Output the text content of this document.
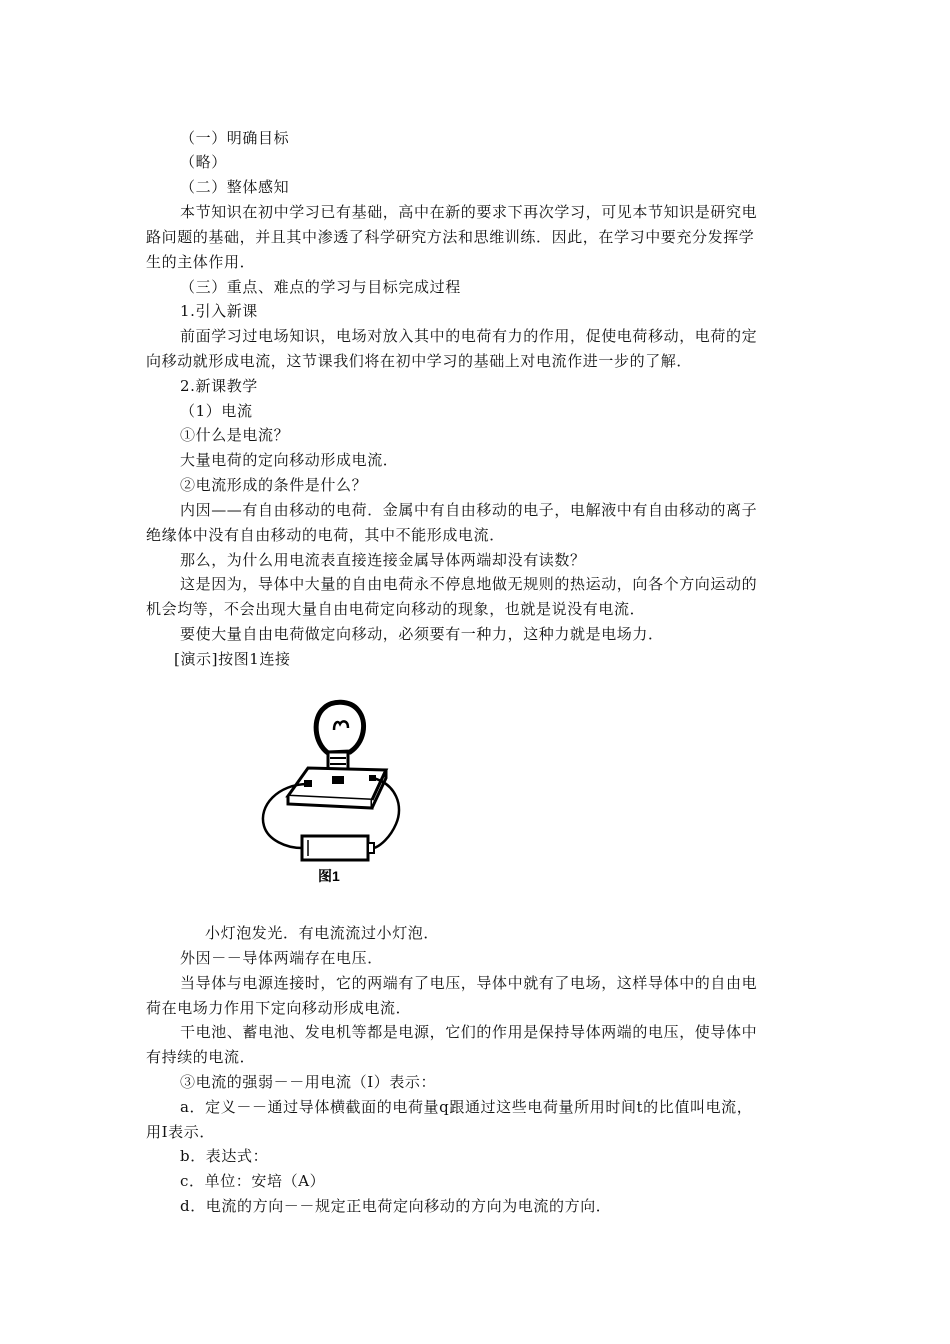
（一）明确目标
（略）
（二）整体感知
本节知识在初中学习已有基础，高中在新的要求下再次学习，可见本节知识是研究电
路问题的基础，并且其中渗透了科学研究方法和思维训练．因此，在学习中要充分发挥学
生的主体作用．
（三）重点、难点的学习与目标完成过程
1.引入新课
前面学习过电场知识，电场对放入其中的电荷有力的作用，促使电荷移动，电荷的定
向移动就形成电流，这节课我们将在初中学习的基础上对电流作进一步的了解．
2.新课教学
（1）电流
①什么是电流？
大量电荷的定向移动形成电流．
②电流形成的条件是什么？
内因——有自由移动的电荷．金属中有自由移动的电子，电解液中有自由移动的离子
绝缘体中没有自由移动的电荷，其中不能形成电流．
那么，为什么用电流表直接连接金属导体两端却没有读数？
这是因为，导体中大量的自由电荷永不停息地做无规则的热运动，向各个方向运动的
机会均等，不会出现大量自由电荷定向移动的现象，也就是说没有电流．
要使大量自由电荷做定向移动，必须要有一种力，这种力就是电场力．
[演示]按图1连接
图1
小灯泡发光．有电流流过小灯泡．
外因－－导体两端存在电压．
当导体与电源连接时，它的两端有了电压，导体中就有了电场，这样导体中的自由电
荷在电场力作用下定向移动形成电流．
干电池、蓄电池、发电机等都是电源，它们的作用是保持导体两端的电压，使导体中
有持续的电流．
③电流的强弱－－用电流（I）表示：
a．定义－－通过导体横截面的电荷量q跟通过这些电荷量所用时间t的比值叫电流，
用I表示．
b．表达式：
c．单位：安培（A）
d．电流的方向－－规定正电荷定向移动的方向为电流的方向．
